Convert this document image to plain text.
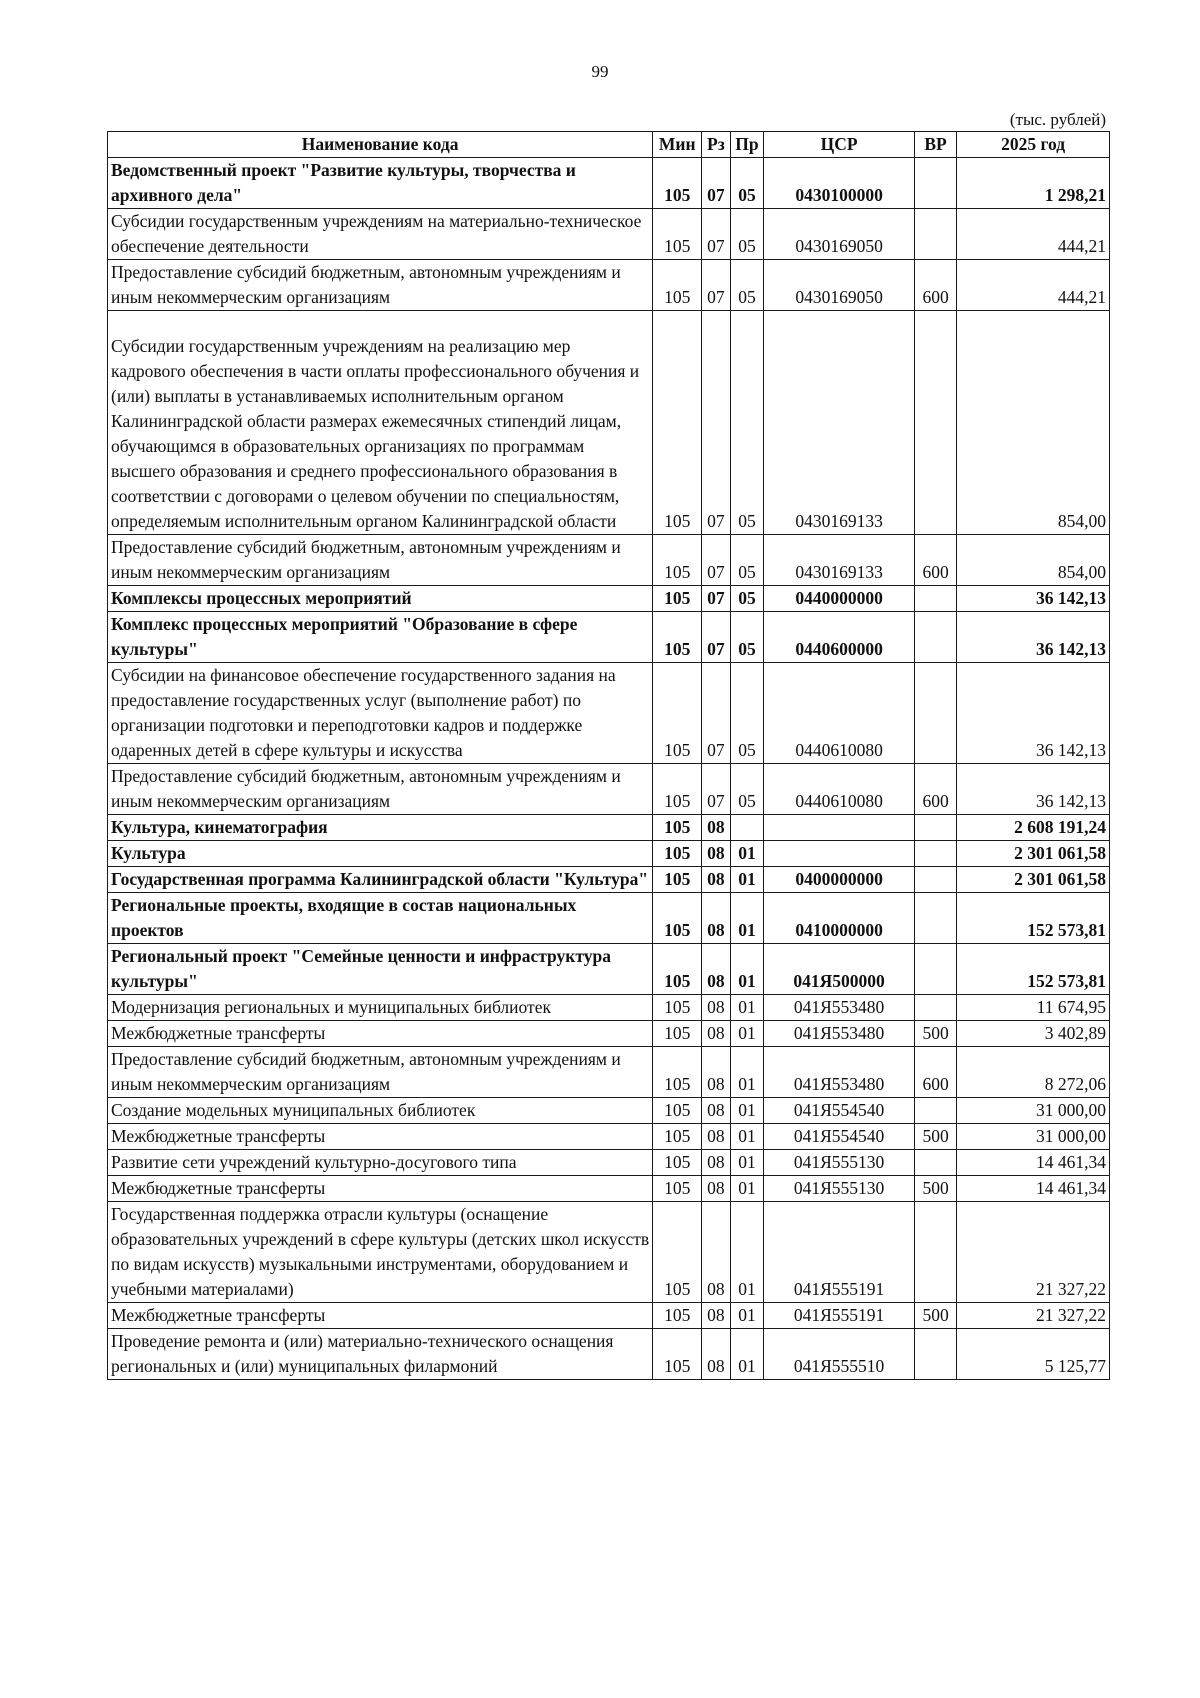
99
(тыс. рублей)
Наименование кода	Мин	Рз	Пр	ЦСР	ВР	2025 год
Ведомственный проект "Развитие культуры, творчества и архивного дела"	105	07	05	0430100000		1 298,21
Субсидии государственным учреждениям на материально-техническое обеспечение деятельности	105	07	05	0430169050		444,21
Предоставление субсидий бюджетным, автономным учреждениям и иным некоммерческим организациям	105	07	05	0430169050	600	444,21
Субсидии государственным учреждениям на реализацию мер кадрового обеспечения в части оплаты профессионального обучения и (или) выплаты в устанавливаемых исполнительным органом Калининградской области размерах ежемесячных стипендий лицам, обучающимся в образовательных организациях по программам высшего образования и среднего профессионального образования в соответствии с договорами о целевом обучении по специальностям, определяемым исполнительным органом Калининградской области	105	07	05	0430169133		854,00
Предоставление субсидий бюджетным, автономным учреждениям и иным некоммерческим организациям	105	07	05	0430169133	600	854,00
Комплексы процессных мероприятий	105	07	05	0440000000		36 142,13
Комплекс процессных мероприятий "Образование в сфере культуры"	105	07	05	0440600000		36 142,13
Субсидии на финансовое обеспечение государственного задания на предоставление государственных услуг (выполнение работ) по организации подготовки и переподготовки кадров и поддержке одаренных детей в сфере культуры и искусства	105	07	05	0440610080		36 142,13
Предоставление субсидий бюджетным, автономным учреждениям и иным некоммерческим организациям	105	07	05	0440610080	600	36 142,13
Культура, кинематография	105	08				2 608 191,24
Культура	105	08	01			2 301 061,58
Государственная программа Калининградской области "Культура"	105	08	01	0400000000		2 301 061,58
Региональные проекты, входящие в состав национальных проектов	105	08	01	0410000000		152 573,81
Региональный проект "Семейные ценности и инфраструктура культуры"	105	08	01	041Я500000		152 573,81
Модернизация региональных и муниципальных библиотек	105	08	01	041Я553480		11 674,95
Межбюджетные трансферты	105	08	01	041Я553480	500	3 402,89
Предоставление субсидий бюджетным, автономным учреждениям и иным некоммерческим организациям	105	08	01	041Я553480	600	8 272,06
Создание модельных муниципальных библиотек	105	08	01	041Я554540		31 000,00
Межбюджетные трансферты	105	08	01	041Я554540	500	31 000,00
Развитие сети учреждений культурно-досугового типа	105	08	01	041Я555130		14 461,34
Межбюджетные трансферты	105	08	01	041Я555130	500	14 461,34
Государственная поддержка отрасли культуры (оснащение образовательных учреждений в сфере культуры (детских школ искусств по видам искусств) музыкальными инструментами, оборудованием и учебными материалами)	105	08	01	041Я555191		21 327,22
Межбюджетные трансферты	105	08	01	041Я555191	500	21 327,22
Проведение ремонта и (или) материально-технического оснащения региональных и (или) муниципальных филармоний	105	08	01	041Я555510		5 125,77
